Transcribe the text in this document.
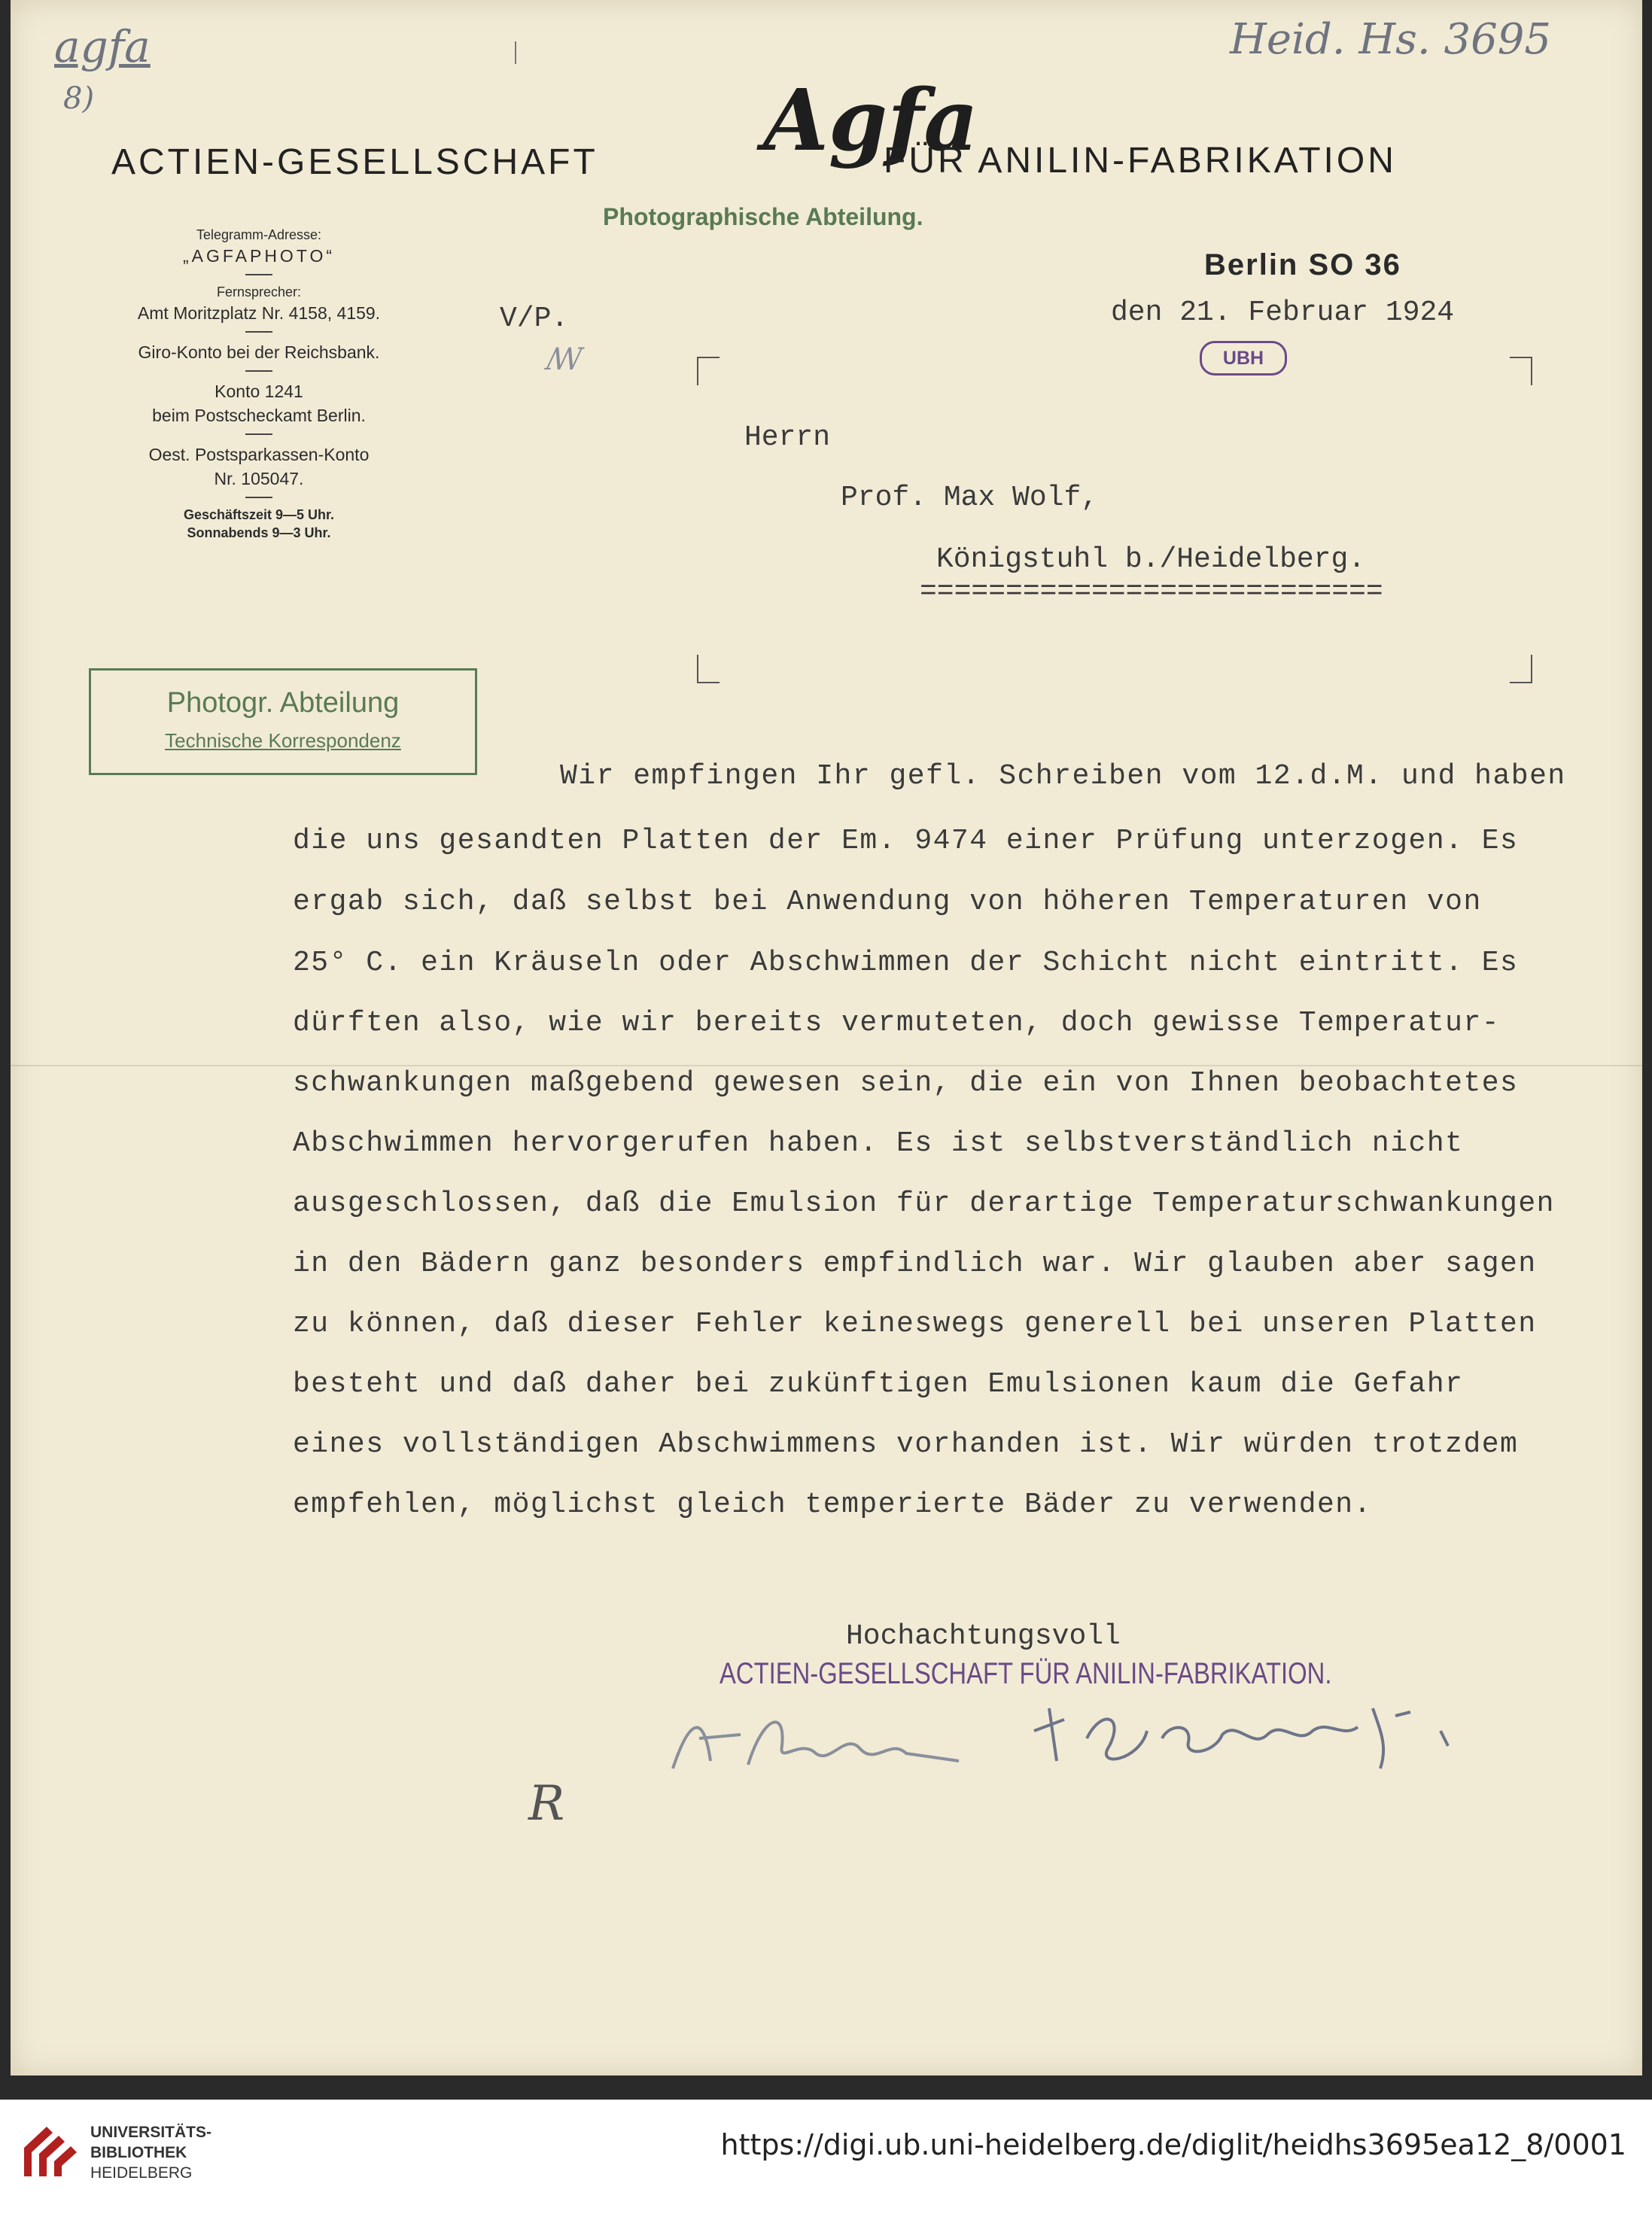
agfa
8)
Heid. Hs. 3695
ACTIEN-GESELLSCHAFT Agfa
FÜR ANILIN-FABRIKATION
Photographische Abteilung.
Telegramm-Adresse:
„AGFAPHOTO“
Fernsprecher:
Amt Moritzplatz Nr. 4158, 4159.
Giro-Konto bei der Reichsbank.
Konto 1241
beim Postscheckamt Berlin.
Oest. Postsparkassen-Konto
Nr. 105047.
Geschäftszeit 9—5 Uhr.
Sonnabends 9—3 Uhr.
Photogr. Abteilung
Technische Korrespondenz
V/P.
ꟿ
Berlin SO 36
den 21. Februar 1924
UBH
Herrn
Prof. Max Wolf,
Königstuhl b./Heidelberg.
===========================
Wir empfingen Ihr gefl. Schreiben vom 12.d.M. und haben
die uns gesandten Platten der Em. 9474 einer Prüfung unterzogen. Es
ergab sich, daß selbst bei Anwendung von höheren Temperaturen von
25° C. ein Kräuseln oder Abschwimmen der Schicht nicht eintritt. Es
dürften also, wie wir bereits vermuteten, doch gewisse Temperatur-
schwankungen maßgebend gewesen sein, die ein von Ihnen beobachtetes
Abschwimmen hervorgerufen haben. Es ist selbstverständlich nicht
ausgeschlossen, daß die Emulsion für derartige Temperaturschwankungen
in den Bädern ganz besonders empfindlich war. Wir glauben aber sagen
zu können, daß dieser Fehler keineswegs generell bei unseren Platten
besteht und daß daher bei zukünftigen Emulsionen kaum die Gefahr
eines vollständigen Abschwimmens vorhanden ist. Wir würden trotzdem
empfehlen, möglichst gleich temperierte Bäder zu verwenden.
Hochachtungsvoll
ACTIEN-GESELLSCHAFT FÜR ANILIN-FABRIKATION.
R
UNIVERSITÄTS-
BIBLIOTHEK
HEIDELBERG
https://digi.ub.uni-heidelberg.de/diglit/heidhs3695ea12_8/0001
